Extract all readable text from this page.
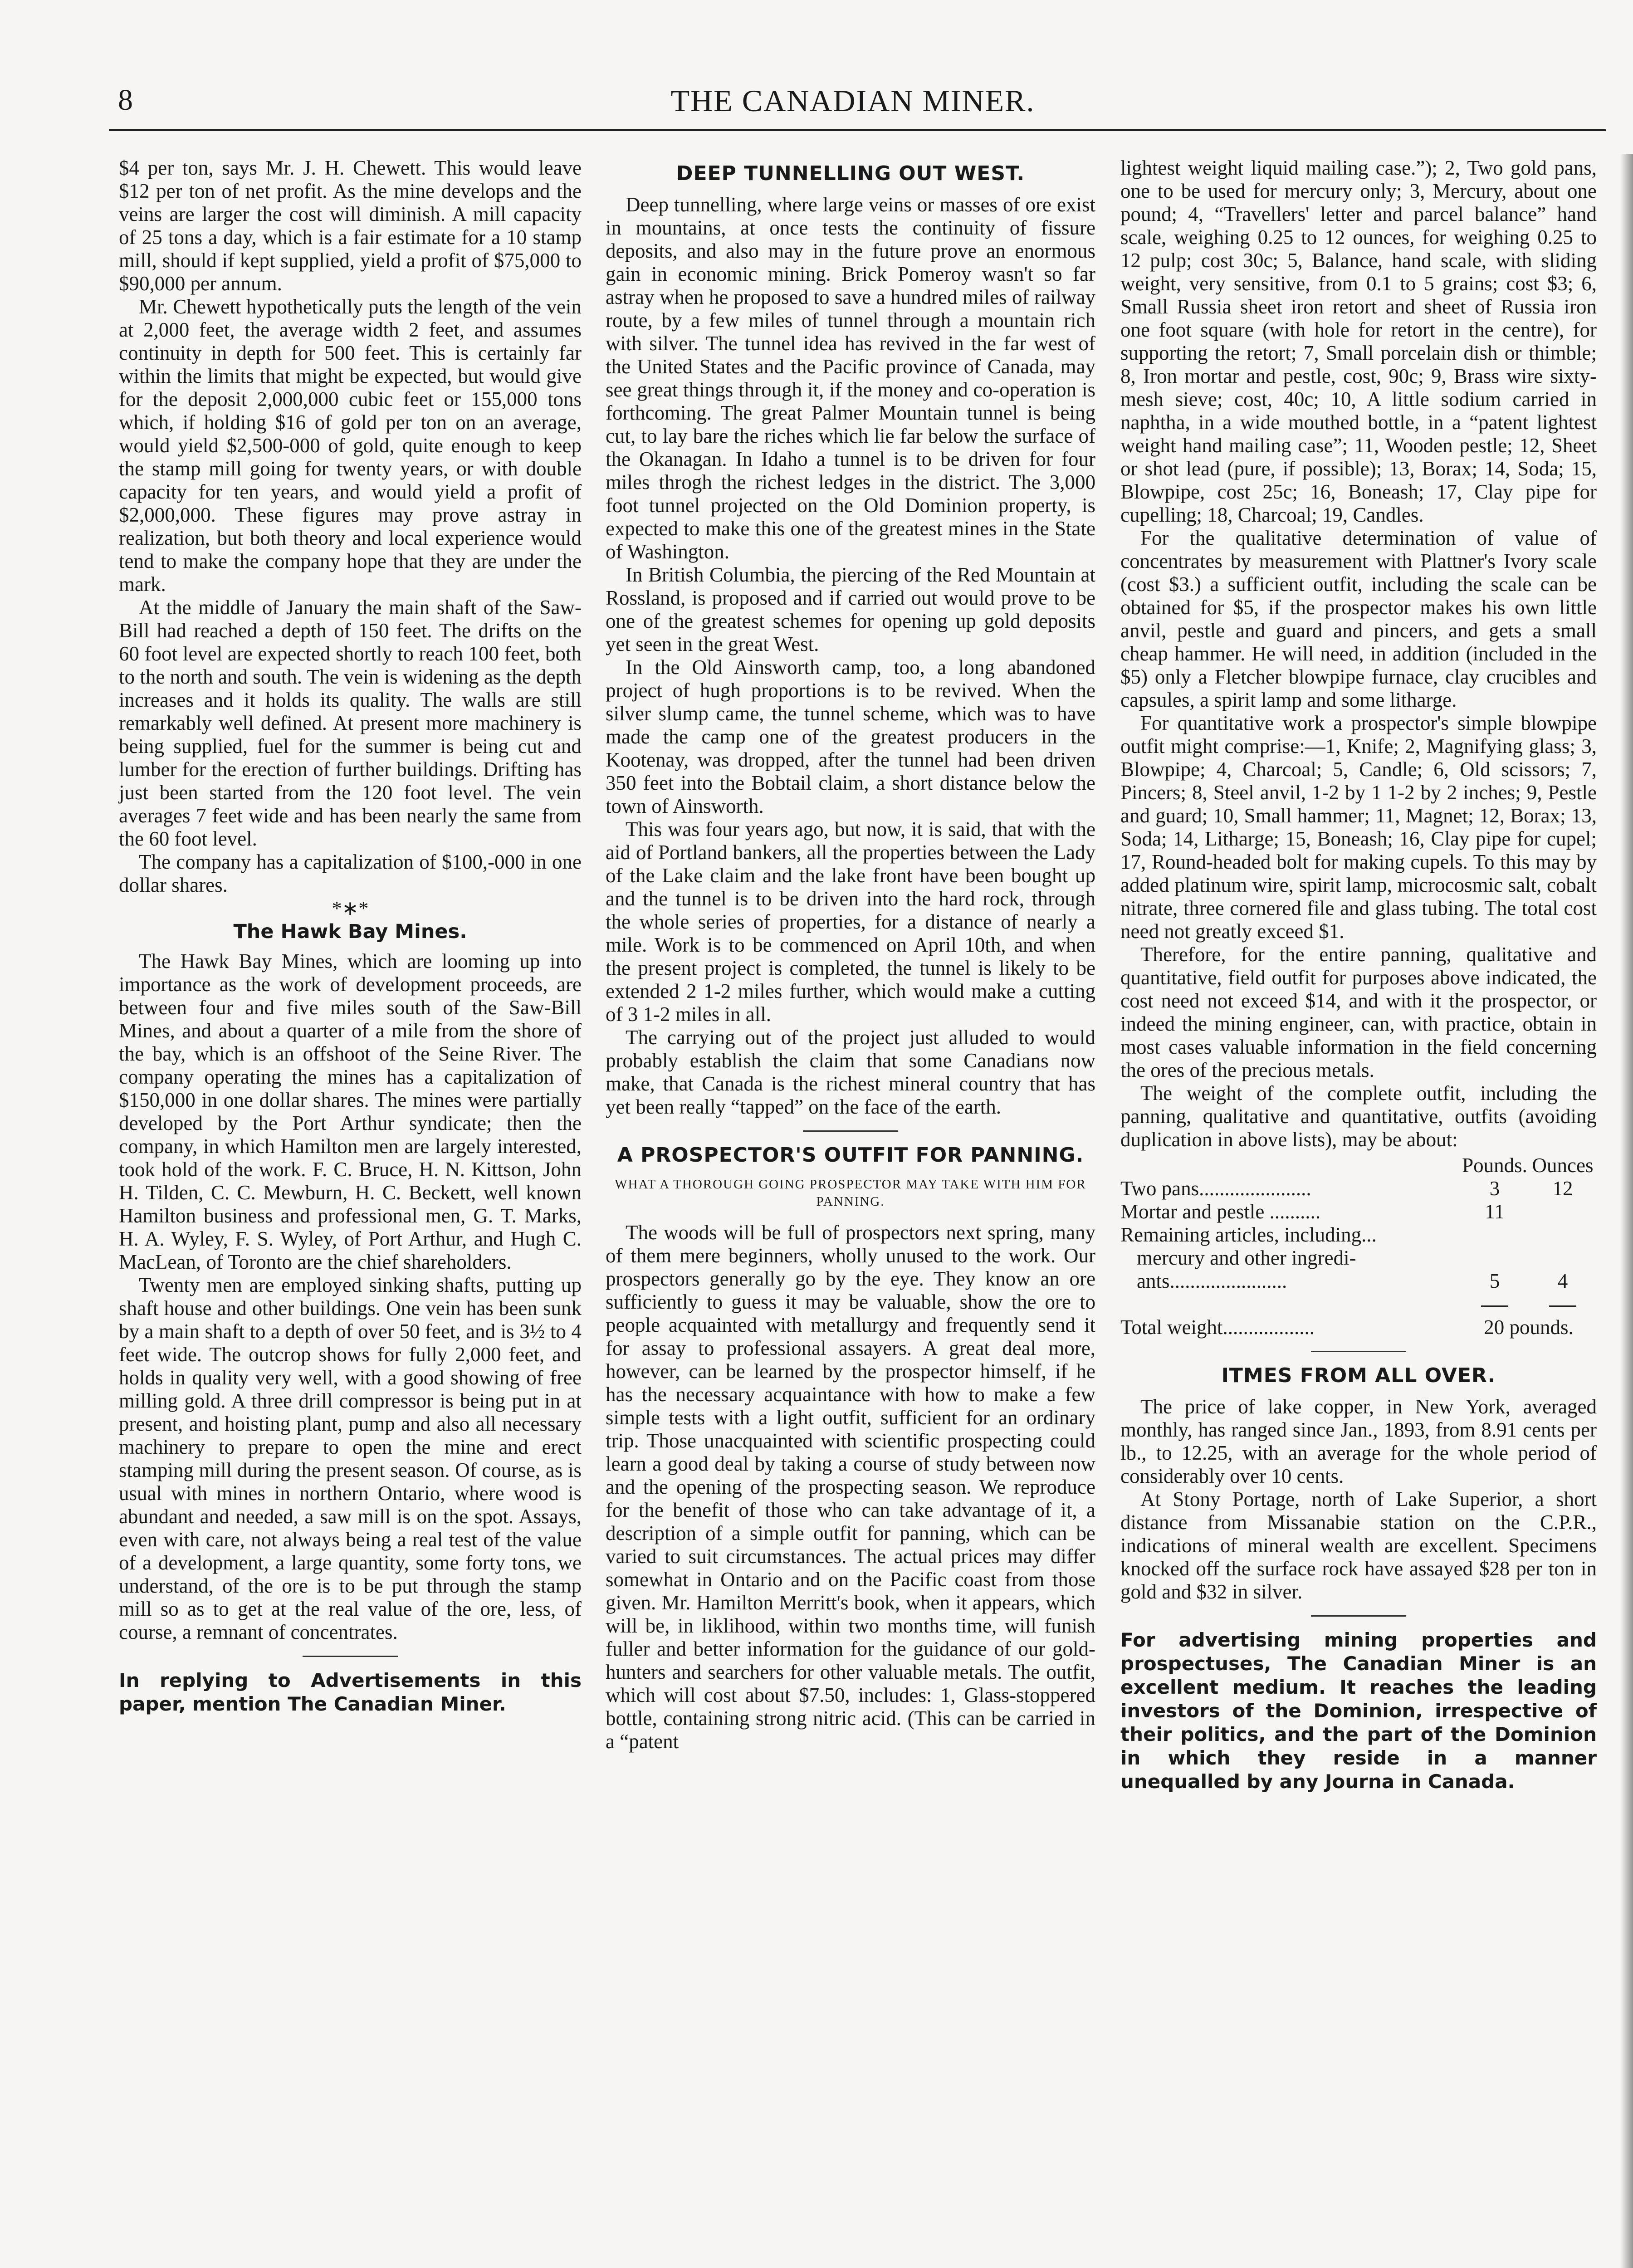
8	THE CANADIAN MINER.

$4 per ton, says Mr. J. H. Chewett. This would leave $12 per ton of net profit. As the mine develops and the veins are larger the cost will diminish. A mill capacity of 25 tons a day, which is a fair estimate for a 10 stamp mill, should if kept supplied, yield a profit of $75,000 to $90,000 per annum.

Mr. Chewett hypothetically puts the length of the vein at 2,000 feet, the average width 2 feet, and assumes continuity in depth for 500 feet. This is certainly far within the limits that might be expected, but would give for the deposit 2,000,000 cubic feet or 155,000 tons which, if holding $16 of gold per ton on an average, would yield $2,500-000 of gold, quite enough to keep the stamp mill going for twenty years, or with double capacity for ten years, and would yield a profit of $2,000,000. These figures may prove astray in realization, but both theory and local experience would tend to make the company hope that they are under the mark.

At the middle of January the main shaft of the Saw-Bill had reached a depth of 150 feet. The drifts on the 60 foot level are expected shortly to reach 100 feet, both to the north and south. The vein is widening as the depth increases and it holds its quality. The walls are still remarkably well defined. At present more machinery is being supplied, fuel for the summer is being cut and lumber for the erection of further buildings. Drifting has just been started from the 120 foot level. The vein averages 7 feet wide and has been nearly the same from the 60 foot level.

The company has a capitalization of $100,-000 in one dollar shares.

*∗*
The Hawk Bay Mines.

The Hawk Bay Mines, which are looming up into importance as the work of development proceeds, are between four and five miles south of the Saw-Bill Mines, and about a quarter of a mile from the shore of the bay, which is an offshoot of the Seine River. The company operating the mines has a capitalization of $150,000 in one dollar shares. The mines were partially developed by the Port Arthur syndicate; then the company, in which Hamilton men are largely interested, took hold of the work. F. C. Bruce, H. N. Kittson, John H. Tilden, C. C. Mewburn, H. C. Beckett, well known Hamilton business and professional men, G. T. Marks, H. A. Wyley, F. S. Wyley, of Port Arthur, and Hugh C. MacLean, of Toronto are the chief shareholders.

Twenty men are employed sinking shafts, putting up shaft house and other buildings. One vein has been sunk by a main shaft to a depth of over 50 feet, and is 3½ to 4 feet wide. The outcrop shows for fully 2,000 feet, and holds in quality very well, with a good showing of free milling gold. A three drill compressor is being put in at present, and hoisting plant, pump and also all necessary machinery to prepare to open the mine and erect stamping mill during the present season. Of course, as is usual with mines in northern Ontario, where wood is abundant and needed, a saw mill is on the spot. Assays, even with care, not always being a real test of the value of a development, a large quantity, some forty tons, we understand, of the ore is to be put through the stamp mill so as to get at the real value of the ore, less, of course, a remnant of concentrates.

In replying to Advertisements in this paper, mention The Canadian Miner.
DEEP TUNNELLING OUT WEST.

Deep tunnelling, where large veins or masses of ore exist in mountains, at once tests the continuity of fissure deposits, and also may in the future prove an enormous gain in economic mining. Brick Pomeroy wasn't so far astray when he proposed to save a hundred miles of railway route, by a few miles of tunnel through a mountain rich with silver. The tunnel idea has revived in the far west of the United States and the Pacific province of Canada, may see great things through it, if the money and co-operation is forthcoming. The great Palmer Mountain tunnel is being cut, to lay bare the riches which lie far below the surface of the Okanagan. In Idaho a tunnel is to be driven for four miles throgh the richest ledges in the district. The 3,000 foot tunnel projected on the Old Dominion property, is expected to make this one of the greatest mines in the State of Washington.

In British Columbia, the piercing of the Red Mountain at Rossland, is proposed and if carried out would prove to be one of the greatest schemes for opening up gold deposits yet seen in the great West.

In the Old Ainsworth camp, too, a long abandoned project of hugh proportions is to be revived. When the silver slump came, the tunnel scheme, which was to have made the camp one of the greatest producers in the Kootenay, was dropped, after the tunnel had been driven 350 feet into the Bobtail claim, a short distance below the town of Ainsworth.

This was four years ago, but now, it is said, that with the aid of Portland bankers, all the properties between the Lady of the Lake claim and the lake front have been bought up and the tunnel is to be driven into the hard rock, through the whole series of properties, for a distance of nearly a mile. Work is to be commenced on April 10th, and when the present project is completed, the tunnel is likely to be extended 2 1-2 miles further, which would make a cutting of 3 1-2 miles in all.

The carrying out of the project just alluded to would probably establish the claim that some Canadians now make, that Canada is the richest mineral country that has yet been really “tapped” on the face of the earth.

A PROSPECTOR'S OUTFIT FOR PANNING.
WHAT A THOROUGH GOING PROSPECTOR MAY TAKE WITH HIM FOR PANNING.

The woods will be full of prospectors next spring, many of them mere beginners, wholly unused to the work. Our prospectors generally go by the eye. They know an ore sufficiently to guess it may be valuable, show the ore to people acquainted with metallurgy and frequently send it for assay to professional assayers. A great deal more, however, can be learned by the prospector himself, if he has the necessary acquaintance with how to make a few simple tests with a light outfit, sufficient for an ordinary trip. Those unacquainted with scientific prospecting could learn a good deal by taking a course of study between now and the opening of the prospecting season. We reproduce for the benefit of those who can take advantage of it, a description of a simple outfit for panning, which can be varied to suit circumstances. The actual prices may differ somewhat in Ontario and on the Pacific coast from those given. Mr. Hamilton Merritt's book, when it appears, which will be, in liklihood, within two months time, will funish fuller and better information for the guidance of our gold-hunters and searchers for other valuable metals. The outfit, which will cost about $7.50, includes: 1, Glass-stoppered bottle, containing strong nitric acid. (This can be carried in a “patent

lightest weight liquid mailing case.”); 2, Two gold pans, one to be used for mercury only; 3, Mercury, about one pound; 4, “Travellers' letter and parcel balance” hand scale, weighing 0.25 to 12 ounces, for weighing 0.25 to 12 pulp; cost 30c; 5, Balance, hand scale, with sliding weight, very sensitive, from 0.1 to 5 grains; cost $3; 6, Small Russia sheet iron retort and sheet of Russia iron one foot square (with hole for retort in the centre), for supporting the retort; 7, Small porcelain dish or thimble; 8, Iron mortar and pestle, cost, 90c; 9, Brass wire sixty-mesh sieve; cost, 40c; 10, A little sodium carried in naphtha, in a wide mouthed bottle, in a “patent lightest weight hand mailing case”; 11, Wooden pestle; 12, Sheet or shot lead (pure, if possible); 13, Borax; 14, Soda; 15, Blowpipe, cost 25c; 16, Boneash; 17, Clay pipe for cupelling; 18, Charcoal; 19, Candles.

For the qualitative determination of value of concentrates by measurement with Plattner's Ivory scale (cost $3.) a sufficient outfit, including the scale can be obtained for $5, if the prospector makes his own little anvil, pestle and guard and pincers, and gets a small cheap hammer. He will need, in addition (included in the $5) only a Fletcher blowpipe furnace, clay crucibles and capsules, a spirit lamp and some litharge.

For quantitative work a prospector's simple blowpipe outfit might comprise:—1, Knife; 2, Magnifying glass; 3, Blowpipe; 4, Charcoal; 5, Candle; 6, Old scissors; 7, Pincers; 8, Steel anvil, 1-2 by 1 1-2 by 2 inches; 9, Pestle and guard; 10, Small hammer; 11, Magnet; 12, Borax; 13, Soda; 14, Litharge; 15, Boneash; 16, Clay pipe for cupel; 17, Round-headed bolt for making cupels. To this may by added platinum wire, spirit lamp, microcosmic salt, cobalt nitrate, three cornered file and glass tubing. The total cost need not greatly exceed $1.

Therefore, for the entire panning, qualitative and quantitative, field outfit for purposes above indicated, the cost need not exceed $14, and with it the prospector, or indeed the mining engineer, can, with practice, obtain in most cases valuable information in the field concerning the ores of the precious metals.

The weight of the complete outfit, including the panning, qualitative and quantitative, outfits (avoiding duplication in above lists), may be about:

	Pounds.	Ounces
Two pans......................	3	12
Mortar and pestle ..........	11	
Remaining articles, including...		
mercury and other ingredi-		
ants.......................	5	4

Total weight..................	20 pounds.	
ITMES FROM ALL OVER.

The price of lake copper, in New York, averaged monthly, has ranged since Jan., 1893, from 8.91 cents per lb., to 12.25, with an average for the whole period of considerably over 10 cents.

At Stony Portage, north of Lake Superior, a short distance from Missanabie station on the C.P.R., indications of mineral wealth are excellent. Specimens knocked off the surface rock have assayed $28 per ton in gold and $32 in silver.

For advertising mining properties and prospectuses, The Canadian Miner is an excellent medium. It reaches the leading investors of the Dominion, irrespective of their politics, and the part of the Dominion in which they reside in a manner unequalled by any Journa in Canada.
